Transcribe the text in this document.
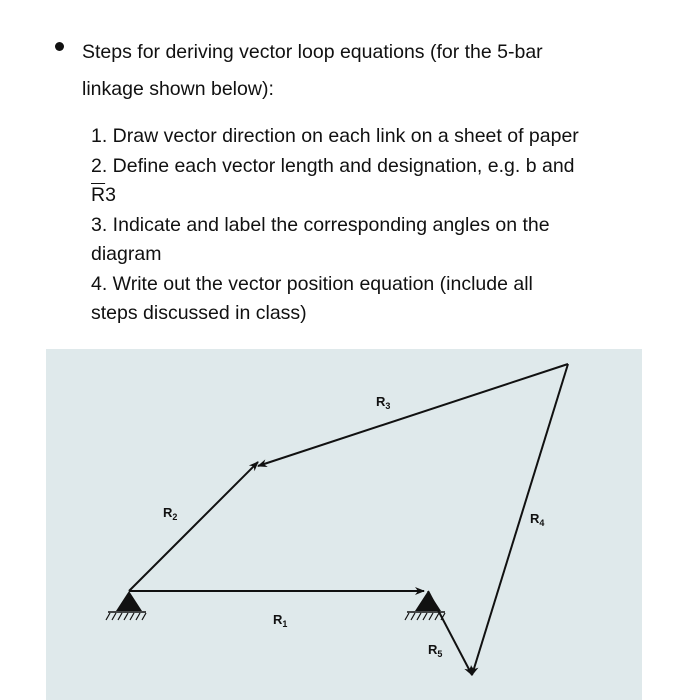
Steps for deriving vector loop equations (for the 5-bar
linkage shown below):
1. Draw vector direction on each link on a sheet of paper
2. Define each vector length and designation, e.g. b and
$\overline{R}3$
3. Indicate and label the corresponding angles on the
diagram
4. Write out the vector position equation (include all
steps discussed in class)
R1
R2
R3
R4
R5
